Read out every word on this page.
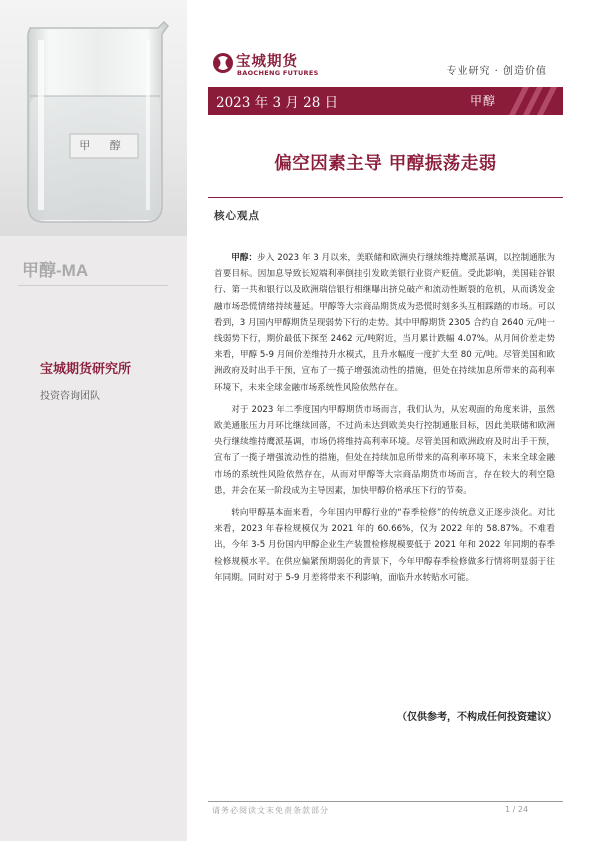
甲 醇
甲醇-MA
宝城期货研究所
投资咨询团队
宝城期货
BAOCHENG FUTURES	专业研究 · 创造价值
2023 年 3 月 28 日	甲醇
偏空因素主导 甲醇振荡走弱
核心观点

甲醇：步入 2023 年 3 月以来，美联储和欧洲央行继续维持鹰派基调，以控制通胀为首要目标。因加息导致长短端利率倒挂引发欧美银行业资产贬值。受此影响，美国硅谷银行、第一共和银行以及欧洲瑞信银行相继曝出挤兑破产和流动性断裂的危机，从而诱发金融市场恐慌情绪持续蔓延。甲醇等大宗商品期货成为恐慌时刻多头互相踩踏的市场。可以看到，3 月国内甲醇期货呈现弱势下行的走势。其中甲醇期货 2305 合约自 2640 元/吨一线弱势下行，期价最低下探至 2462 元/吨附近，当月累计跌幅 4.07%。从月间价差走势来看，甲醇 5-9 月间价差维持升水模式，且升水幅度一度扩大至 80 元/吨。尽管美国和欧洲政府及时出手干预，宣布了一揽子增强流动性的措施，但处在持续加息所带来的高利率环境下，未来全球金融市场系统性风险依然存在。

对于 2023 年二季度国内甲醇期货市场而言，我们认为，从宏观面的角度来讲，虽然欧美通胀压力月环比继续回落，不过尚未达到欧美央行控制通胀目标，因此美联储和欧洲央行继续维持鹰派基调，市场仍将维持高利率环境。尽管美国和欧洲政府及时出手干预，宣布了一揽子增强流动性的措施，但处在持续加息所带来的高利率环境下，未来全球金融市场的系统性风险依然存在，从而对甲醇等大宗商品期货市场而言，存在较大的利空隐患，并会在某一阶段成为主导因素，加快甲醇价格承压下行的节奏。

转向甲醇基本面来看，今年国内甲醇行业的“春季检修”的传统意义正逐步淡化。对比来看，2023 年春检规模仅为 2021 年的 60.66%，仅为 2022 年的 58.87%。不难看出，今年 3-5 月份国内甲醇企业生产装置检修规模要低于 2021 年和 2022 年同期的春季检修规模水平。在供应偏紧预期弱化的背景下，今年甲醇春季检修做多行情将明显弱于往年同期。同时对于 5-9 月差将带来不利影响，面临升水转贴水可能。

（仅供参考，不构成任何投资建议）
请务必阅读文末免责条款部分	1 / 24
